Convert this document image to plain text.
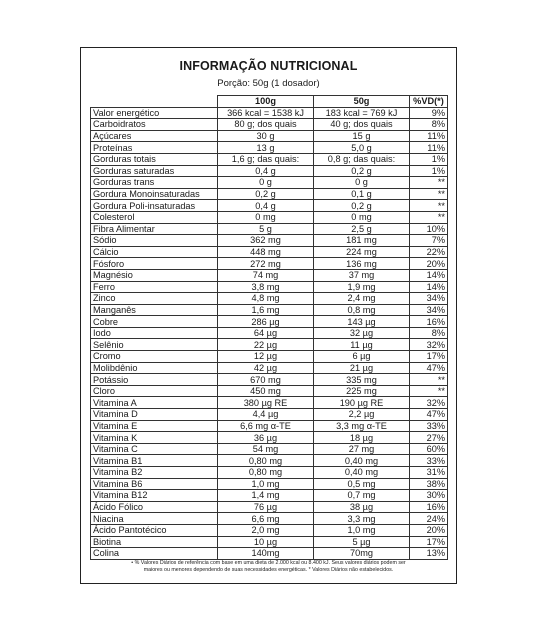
INFORMAÇÃO NUTRICIONAL
Porção: 50g (1 dosador)
	100g	50g	%VD(*)
Valor energético	366 kcal = 1538 kJ	183 kcal = 769 kJ	9%
Carboidratos	80 g; dos quais	40 g; dos quais	8%
Açúcares	30 g	15 g	11%
Proteínas	13 g	5,0 g	11%
Gorduras totais	1,6 g; das quais:	0,8 g; das quais:	1%
Gorduras saturadas	0,4 g	0,2 g	1%
Gorduras trans	0 g	0 g	**
Gordura Monoinsaturadas	0,2 g	0,1 g	**
Gordura Poli-insaturadas	0,4 g	0,2 g	**
Colesterol	0 mg	0 mg	**
Fibra Alimentar	5 g	2,5 g	10%
Sódio	362 mg	181 mg	7%
Cálcio	448 mg	224 mg	22%
Fósforo	272 mg	136 mg	20%
Magnésio	74 mg	37 mg	14%
Ferro	3,8 mg	1,9 mg	14%
Zinco	4,8 mg	2,4 mg	34%
Manganês	1,6 mg	0,8 mg	34%
Cobre	286 µg	143 µg	16%
Iodo	64 µg	32 µg	8%
Selênio	22 µg	11 µg	32%
Cromo	12 µg	6 µg	17%
Molibdênio	42 µg	21 µg	47%
Potássio	670 mg	335 mg	**
Cloro	450 mg	225 mg	**
Vitamina A	380 µg RE	190 µg RE	32%
Vitamina D	4,4 µg	2,2 µg	47%
Vitamina E	6,6 mg α-TE	3,3 mg α-TE	33%
Vitamina K	36 µg	18 µg	27%
Vitamina C	54 mg	27 mg	60%
Vitamina B1	0,80 mg	0,40 mg	33%
Vitamina B2	0,80 mg	0,40 mg	31%
Vitamina B6	1,0 mg	0,5 mg	38%
Vitamina B12	1,4 mg	0,7 mg	30%
Ácido Fólico	76 µg	38 µg	16%
Niacina	6,6 mg	3,3 mg	24%
Ácido Pantotécico	2,0 mg	1,0 mg	20%
Biotina	10 µg	5 µg	17%
Colina	140mg	70mg	13%
• % Valores Diários de referência com base em uma dieta de 2.000 kcal ou 8.400 kJ. Seus valores diários podem ser
maiores ou menores dependendo de suas necessidades energéticas. * Valores Diários não estabelecidos.
